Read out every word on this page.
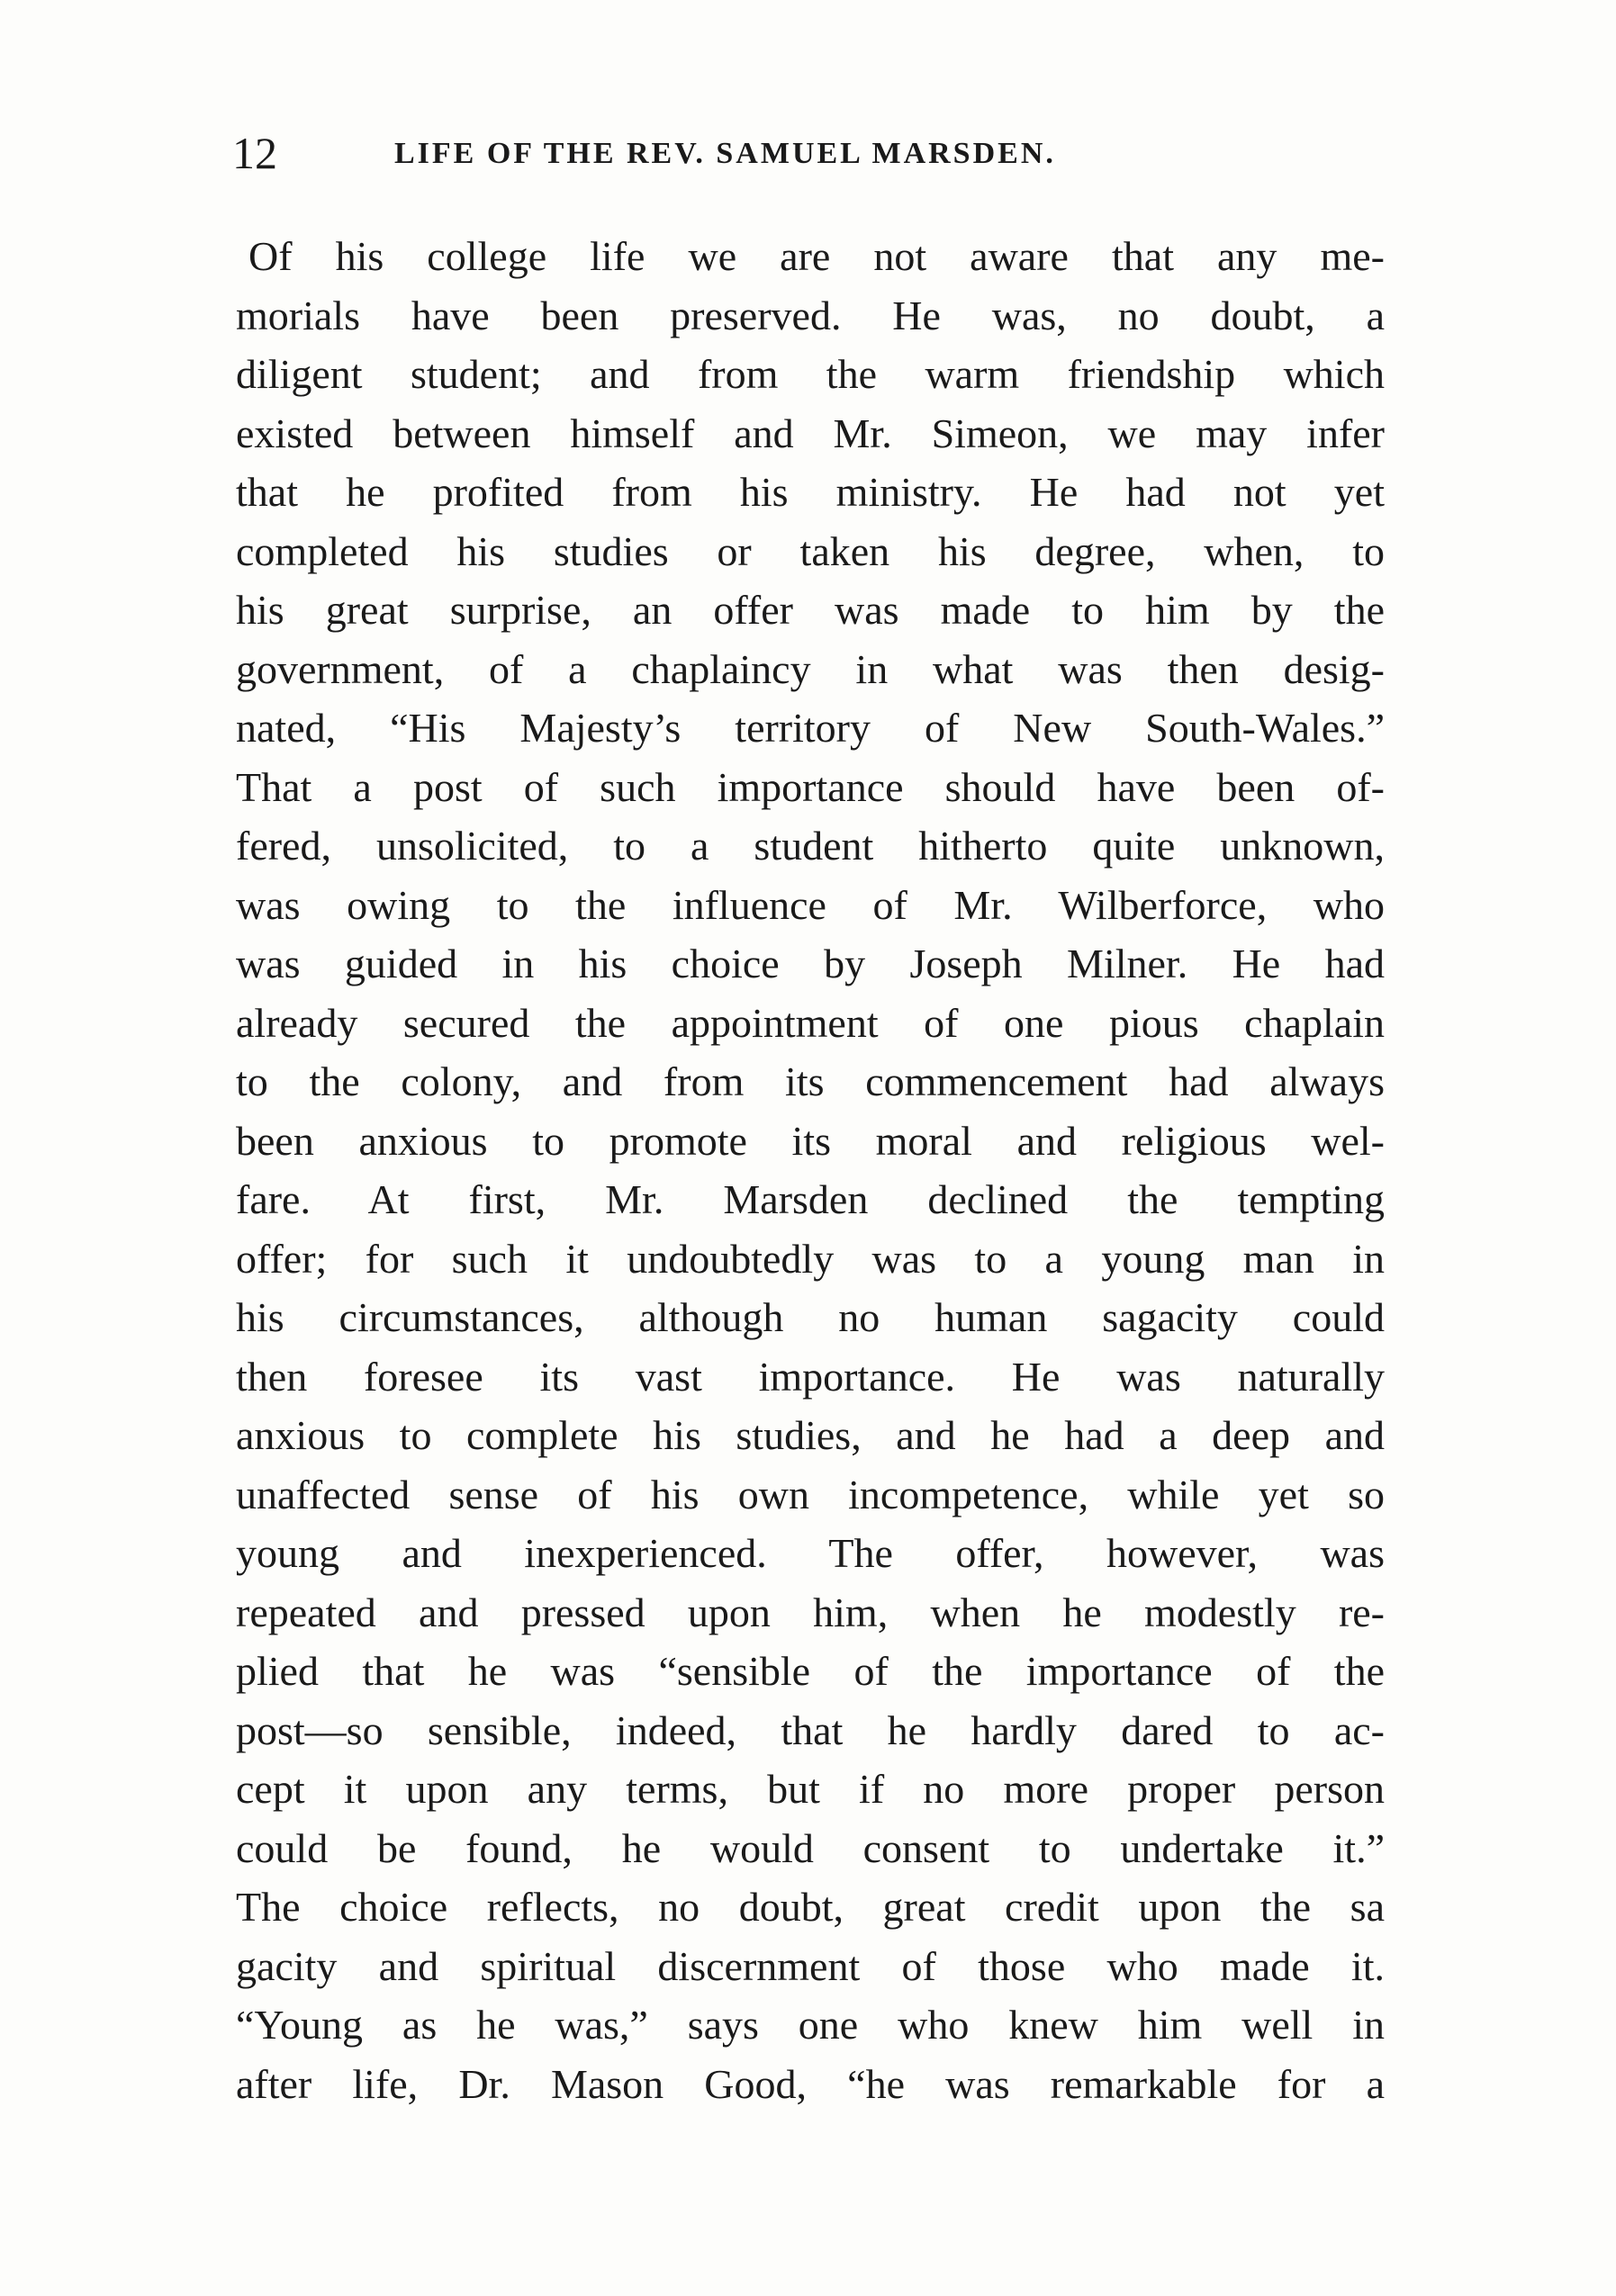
12	LIFE OF THE REV. SAMUEL MARSDEN.
Of his college life we are not aware that any me-
morials have been preserved. He was, no doubt, a
diligent student; and from the warm friendship which
existed between himself and Mr. Simeon, we may infer
that he profited from his ministry. He had not yet
completed his studies or taken his degree, when, to
his great surprise, an offer was made to him by the
government, of a chaplaincy in what was then desig-
nated, “His Majesty’s territory of New South-Wales.”
That a post of such importance should have been of-
fered, unsolicited, to a student hitherto quite unknown,
was owing to the influence of Mr. Wilberforce, who
was guided in his choice by Joseph Milner. He had
already secured the appointment of one pious chaplain
to the colony, and from its commencement had always
been anxious to promote its moral and religious wel-
fare. At first, Mr. Marsden declined the tempting
offer; for such it undoubtedly was to a young man in
his circumstances, although no human sagacity could
then foresee its vast importance. He was naturally
anxious to complete his studies, and he had a deep and
unaffected sense of his own incompetence, while yet so
young and inexperienced. The offer, however, was
repeated and pressed upon him, when he modestly re-
plied that he was “sensible of the importance of the
post—so sensible, indeed, that he hardly dared to ac-
cept it upon any terms, but if no more proper person
could be found, he would consent to undertake it.”
The choice reflects, no doubt, great credit upon the sa
gacity and spiritual discernment of those who made it.
“Young as he was,” says one who knew him well in
after life, Dr. Mason Good, “he was remarkable for a
